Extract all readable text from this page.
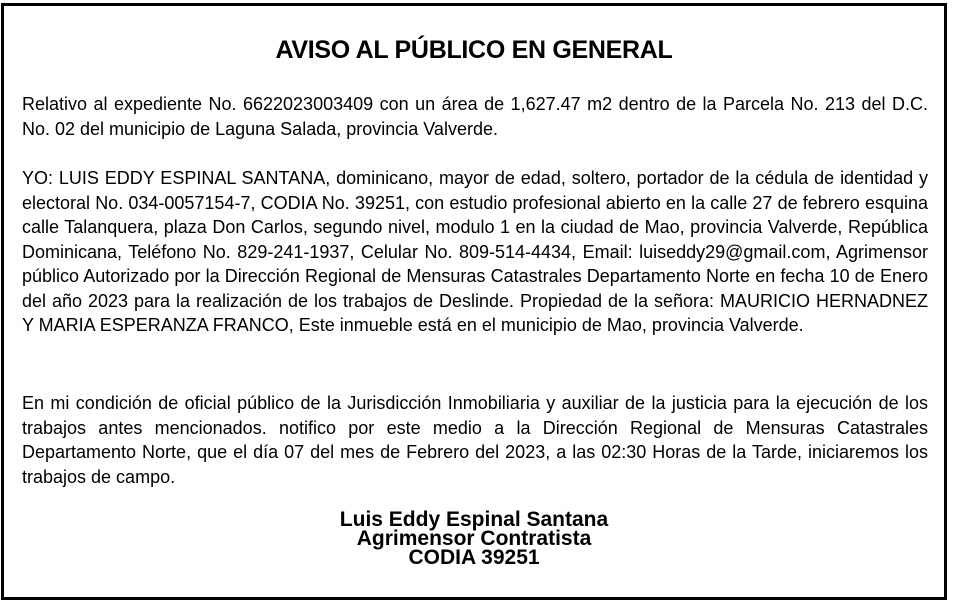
AVISO AL PÚBLICO EN GENERAL

Relativo al expediente No. 6622023003409 con un área de 1,627.47 m2 dentro de la Parcela No. 213 del D.C. No. 02 del municipio de Laguna Salada, provincia Valverde.

YO: LUIS EDDY ESPINAL SANTANA, dominicano, mayor de edad, soltero, portador de la cédula de identidad y electoral No. 034-0057154-7, CODIA No. 39251, con estudio profesional abierto en la calle 27 de febrero esquina calle Talanquera, plaza Don Carlos, segundo nivel, modulo 1 en la ciudad de Mao, provincia Valverde, República Dominicana, Teléfono No. 829-241-1937, Celular No. 809-514-4434, Email: luiseddy29@gmail.com, Agrimensor público Autorizado por la Dirección Regional de Mensuras Catastrales Departamento Norte en fecha 10 de Enero del año 2023 para la realización de los trabajos de Deslinde. Propiedad de la señora: MAURICIO HERNADNEZ Y MARIA ESPERANZA FRANCO, Este inmueble está en el municipio de Mao, provincia Valverde.

En mi condición de oficial público de la Jurisdicción Inmobiliaria y auxiliar de la justicia para la ejecución de los trabajos antes mencionados. notifico por este medio a la Dirección Regional de Mensuras Catastrales Departamento Norte, que el día 07 del mes de Febrero del 2023, a las 02:30 Horas de la Tarde, iniciaremos los trabajos de campo.

Luis Eddy Espinal Santana
Agrimensor Contratista
CODIA 39251
